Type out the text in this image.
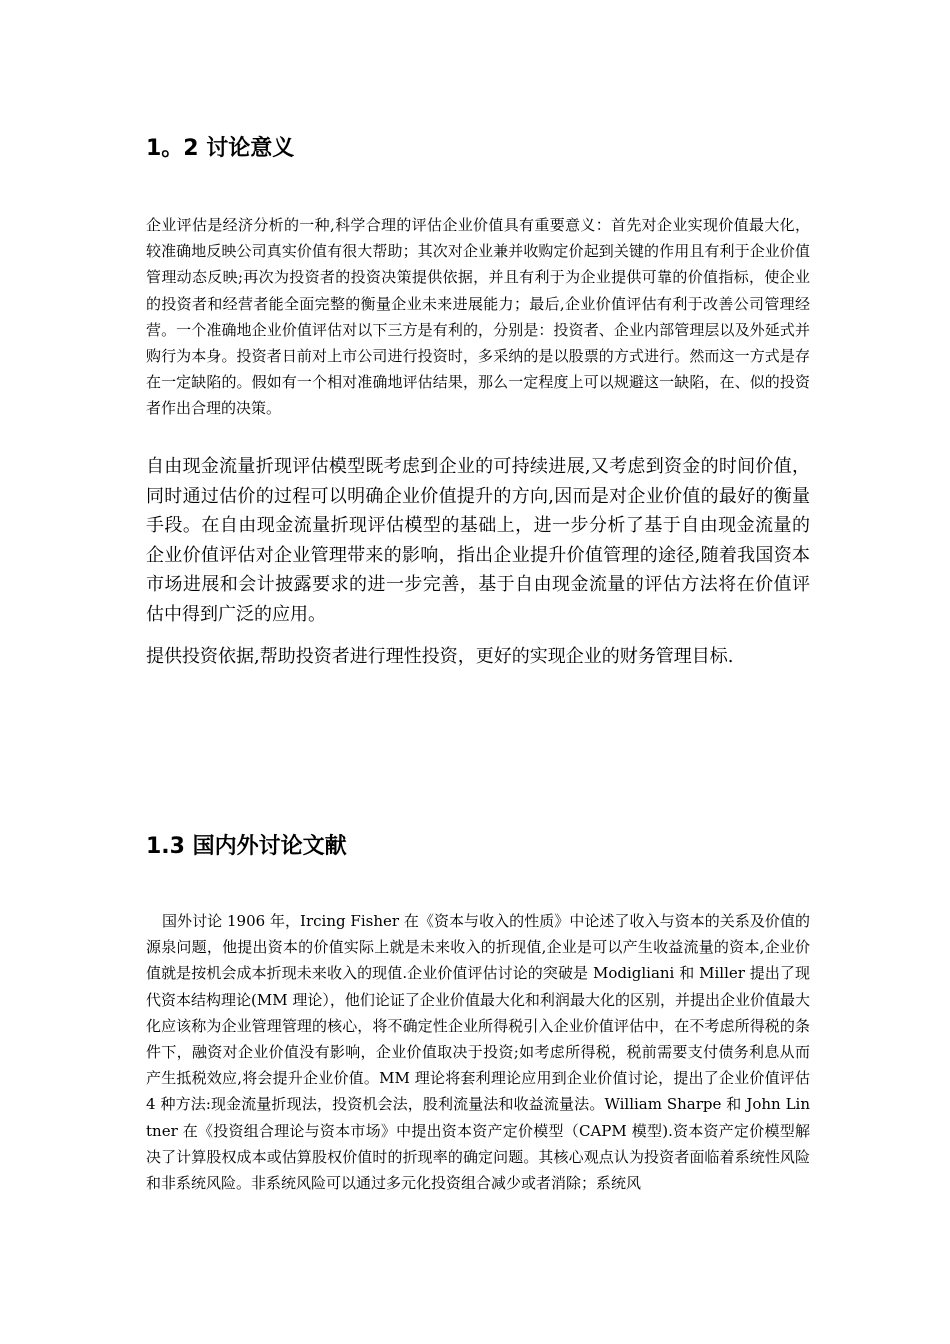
1。2 讨论意义

企业评估是经济分析的一种,科学合理的评估企业价值具有重要意义：首先对企业实现价值最大化，较准确地反映公司真实价值有很大帮助；其次对企业兼并收购定价起到关键的作用且有利于企业价值管理动态反映;再次为投资者的投资决策提供依据，并且有利于为企业提供可靠的价值指标，使企业的投资者和经营者能全面完整的衡量企业未来进展能力；最后,企业价值评估有利于改善公司管理经营。一个准确地企业价值评估对以下三方是有利的，分别是：投资者、企业内部管理层以及外延式并购行为本身。投资者日前对上市公司进行投资时，多采纳的是以股票的方式进行。然而这一方式是存在一定缺陷的。假如有一个相对准确地评估结果，那么一定程度上可以规避这一缺陷，在、似的投资者作出合理的决策。

自由现金流量折现评估模型既考虑到企业的可持续进展,又考虑到资金的时间价值，同时通过估价的过程可以明确企业价值提升的方向,因而是对企业价值的最好的衡量手段。在自由现金流量折现评估模型的基础上，进一步分析了基于自由现金流量的企业价值评估对企业管理带来的影响，指出企业提升价值管理的途径,随着我国资本市场进展和会计披露要求的进一步完善，基于自由现金流量的评估方法将在价值评估中得到广泛的应用。

提供投资依据,帮助投资者进行理性投资，更好的实现企业的财务管理目标.

1.3 国内外讨论文献

国外讨论 1906 年，Ircing Fisher 在《资本与收入的性质》中论述了收入与资本的关系及价值的源泉问题，他提出资本的价值实际上就是未来收入的折现值,企业是可以产生收益流量的资本,企业价值就是按机会成本折现未来收入的现值.企业价值评估讨论的突破是 Modigliani 和 Miller 提出了现代资本结构理论(MM 理论），他们论证了企业价值最大化和利润最大化的区别，并提出企业价值最大化应该称为企业管理管理的核心，将不确定性企业所得税引入企业价值评估中，在不考虑所得税的条件下，融资对企业价值没有影响，企业价值取决于投资;如考虑所得税，税前需要支付债务利息从而产生抵税效应,将会提升企业价值。MM 理论将套利理论应用到企业价值讨论，提出了企业价值评估 4 种方法:现金流量折现法，投资机会法，股利流量法和收益流量法。William Sharpe 和 John Lintner 在《投资组合理论与资本市场》中提出资本资产定价模型（CAPM 模型).资本资产定价模型解决了计算股权成本或估算股权价值时的折现率的确定问题。其核心观点认为投资者面临着系统性风险和非系统风险。非系统风险可以通过多元化投资组合减少或者消除；系统风
